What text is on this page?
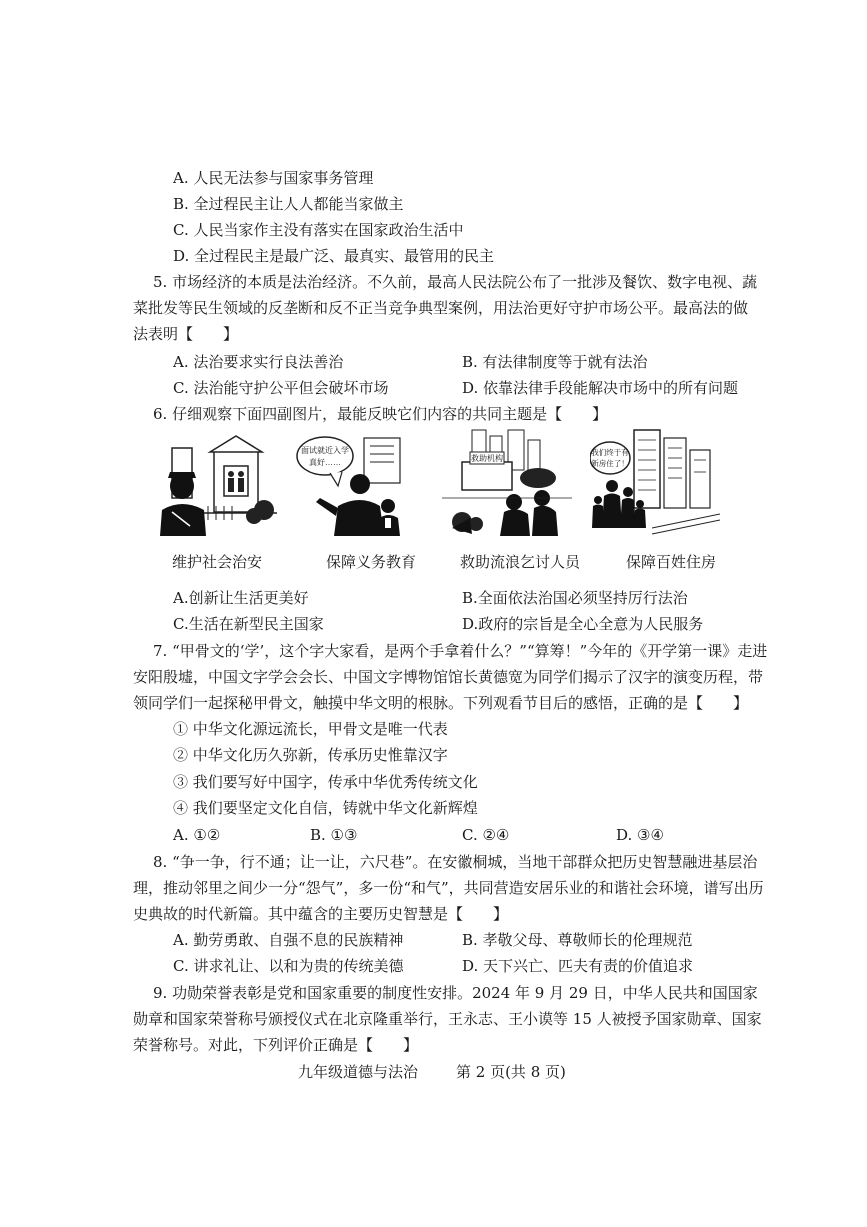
A. 人民无法参与国家事务管理
B. 全过程民主让人人都能当家做主
C. 人民当家作主没有落实在国家政治生活中
D. 全过程民主是最广泛、最真实、最管用的民主
5. 市场经济的本质是法治经济。不久前，最高人民法院公布了一批涉及餐饮、数字电视、蔬
菜批发等民生领域的反垄断和反不正当竞争典型案例，用法治更好守护市场公平。最高法的做
法表明【　　】
A. 法治要求实行良法善治	B. 有法律制度等于就有法治
C. 法治能守护公平但会破坏市场	D. 依靠法律手段能解决市场中的所有问题
6. 仔细观察下面四副图片，最能反映它们内容的共同主题是【　　】
面试就近入学
真好……	救助机构
我们终于有
新房住了！
维护社会治安	保障义务教育	救助流浪乞讨人员	保障百姓住房
A.创新让生活更美好	B.全面依法治国必须坚持厉行法治
C.生活在新型民主国家	D.政府的宗旨是全心全意为人民服务
7. “甲骨文的‘学’，这个字大家看，是两个手拿着什么？”“算筹！”今年的《开学第一课》走进
安阳殷墟，中国文字学会会长、中国文字博物馆馆长黄德宽为同学们揭示了汉字的演变历程，带
领同学们一起探秘甲骨文，触摸中华文明的根脉。下列观看节目后的感悟，正确的是【　　】
① 中华文化源远流长，甲骨文是唯一代表
② 中华文化历久弥新，传承历史惟靠汉字
③ 我们要写好中国字，传承中华优秀传统文化
④ 我们要坚定文化自信，铸就中华文化新辉煌
A. ①②	B. ①③	C. ②④	D. ③④
8. “争一争，行不通；让一让，六尺巷”。在安徽桐城，当地干部群众把历史智慧融进基层治
理，推动邻里之间少一分“怨气”，多一份“和气”，共同营造安居乐业的和谐社会环境，谱写出历
史典故的时代新篇。其中蕴含的主要历史智慧是【　　】
A. 勤劳勇敢、自强不息的民族精神	B. 孝敬父母、尊敬师长的伦理规范
C. 讲求礼让、以和为贵的传统美德	D. 天下兴亡、匹夫有责的价值追求
9. 功勋荣誉表彰是党和国家重要的制度性安排。2024 年 9 月 29 日，中华人民共和国国家
勋章和国家荣誉称号颁授仪式在北京隆重举行，王永志、王小谟等 15 人被授予国家勋章、国家
荣誉称号。对此，下列评价正确是【　　】
九年级道德与法治	第 2 页(共 8 页)
